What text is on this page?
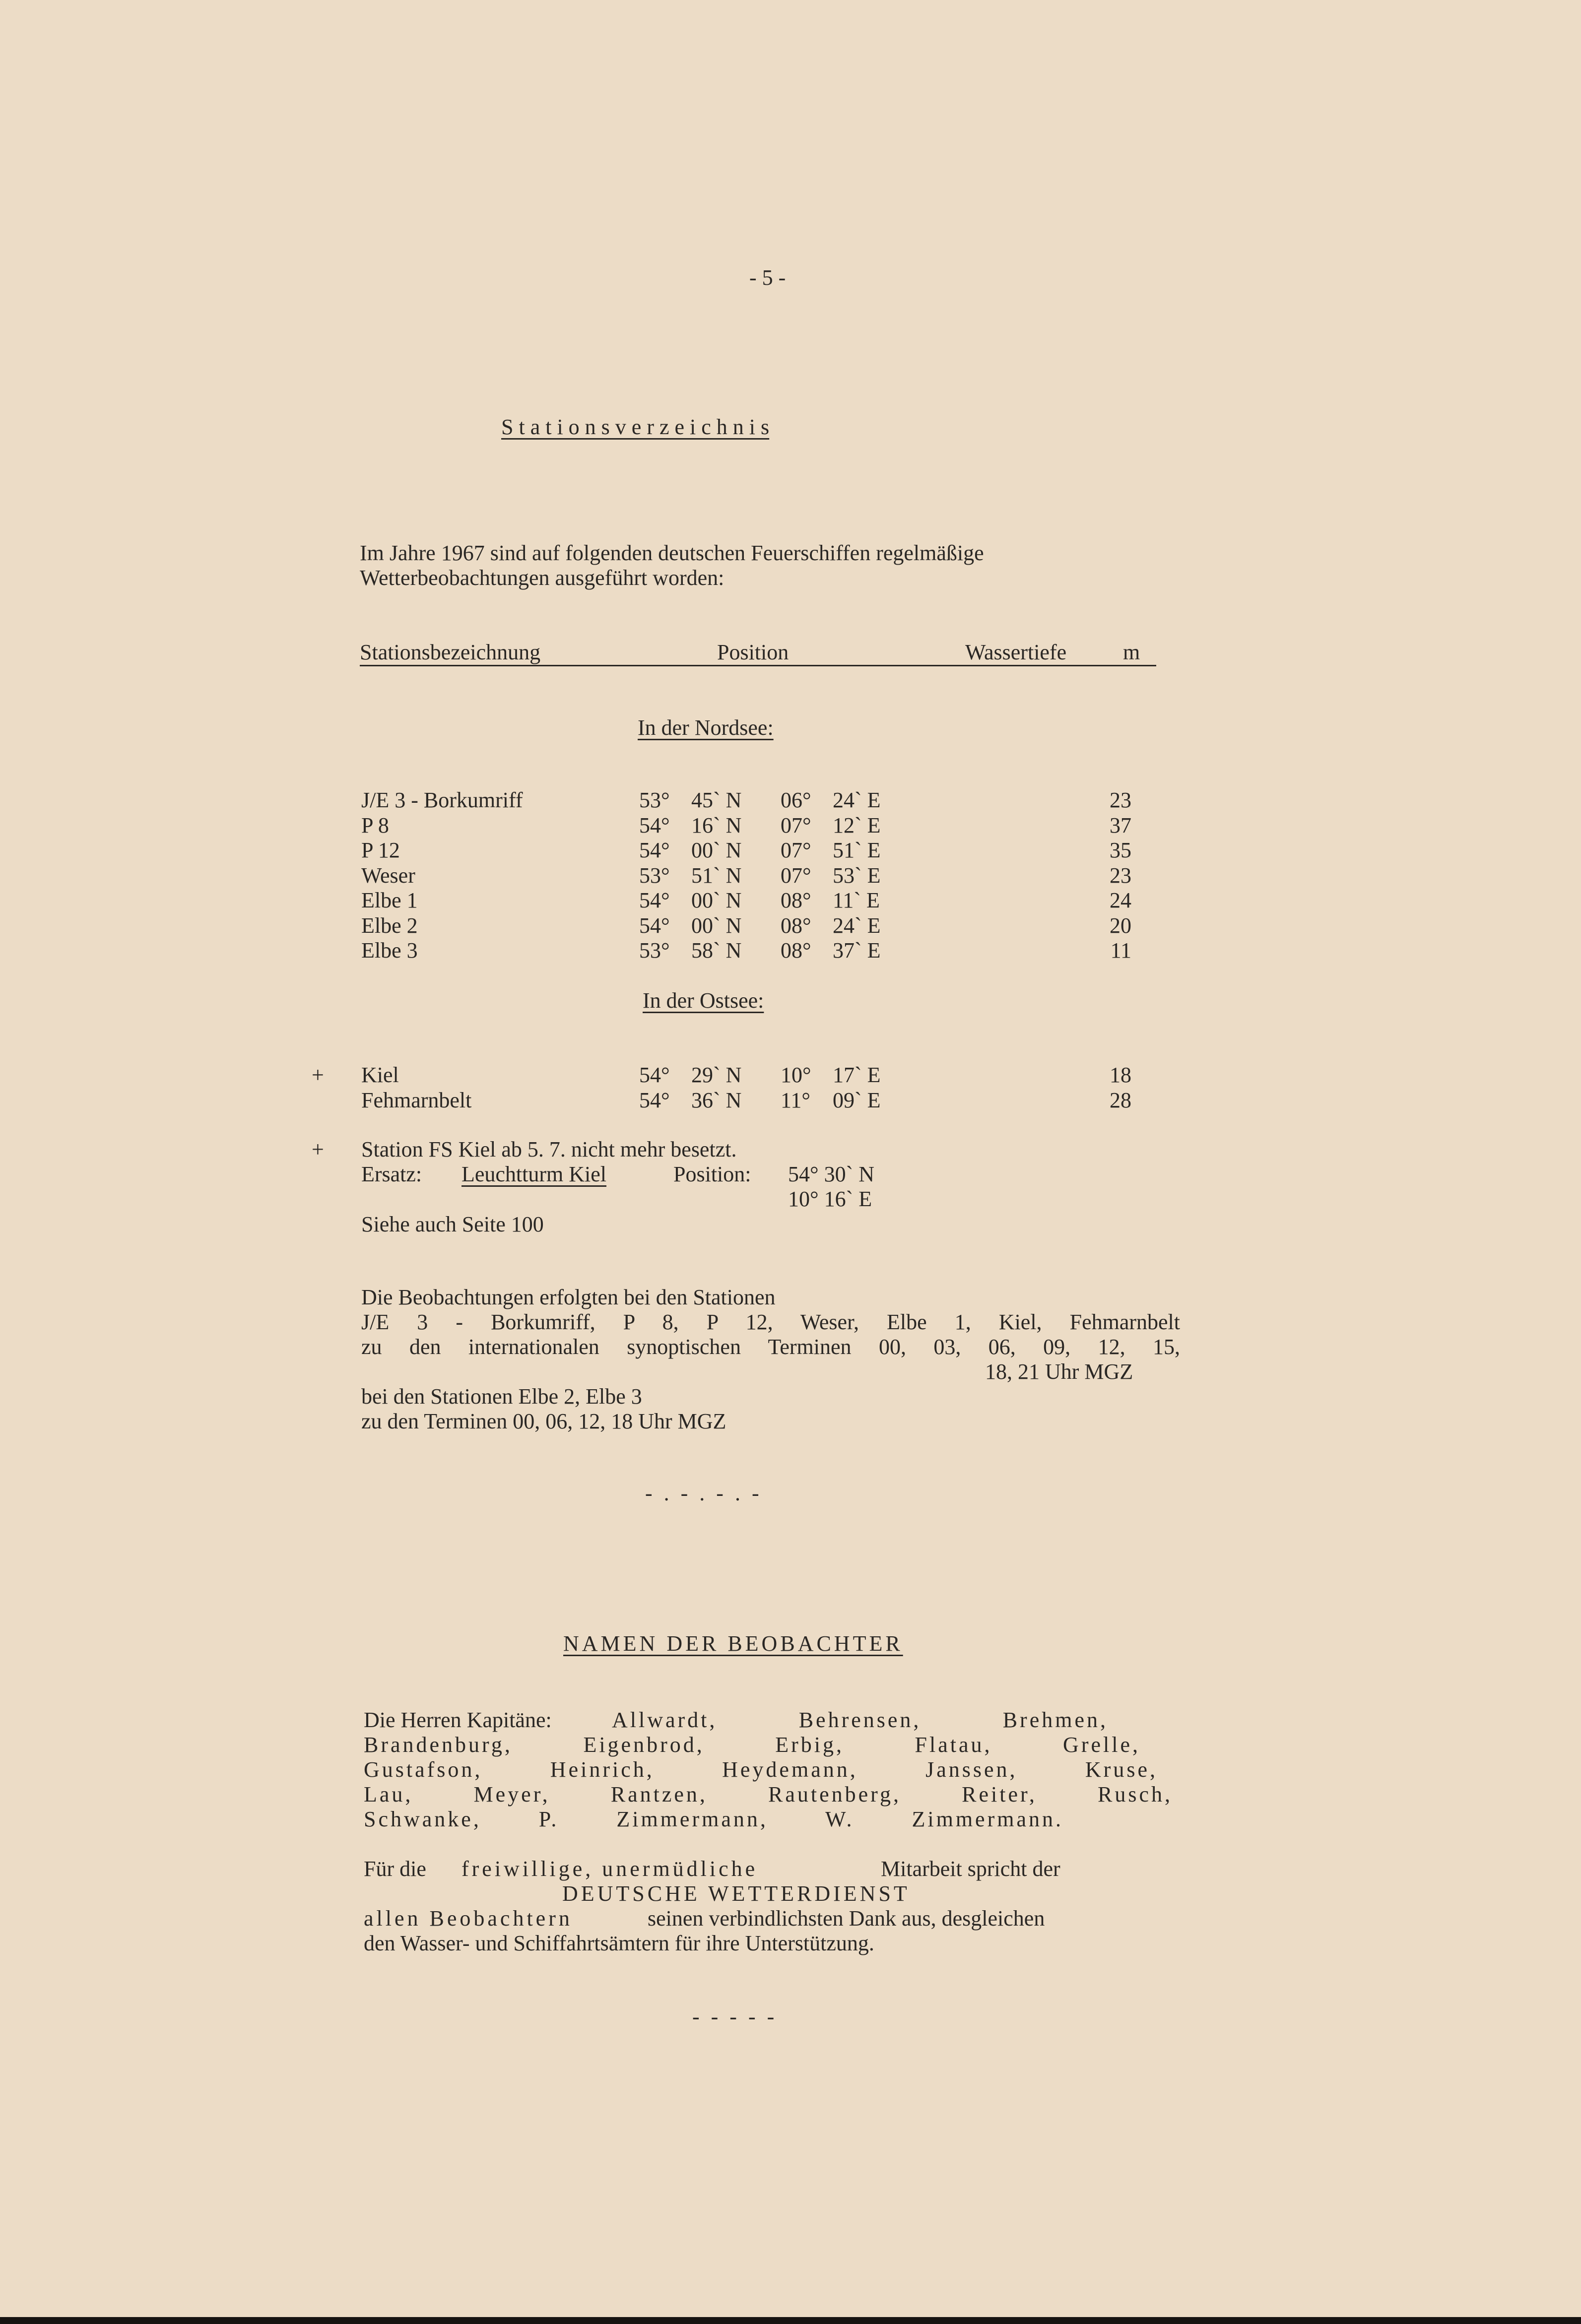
- 5 -
S t a t i o n s v e r z e i c h n i s
Im Jahre 1967 sind auf folgenden deutschen Feuerschiffen regelmäßige
Wetterbeobachtungen ausgeführt worden:
Stationsbezeichnung	Position	Wassertiefe	m
In der Nordsee:
J/E 3 - Borkumriff	53° 45` N 06° 24` E	23
P 8	54° 16` N 07° 12` E	37
P 12	54° 00` N 07° 51` E	35
Weser	53° 51` N 07° 53` E	23
Elbe 1	54° 00` N 08° 11` E	24
Elbe 2	54° 00` N 08° 24` E	20
Elbe 3	53° 58` N 08° 37` E	11
In der Ostsee:
+ Kiel	54° 29` N 10° 17` E	18
Fehmarnbelt	54° 36` N 11° 09` E	28
+ Station FS Kiel ab 5. 7. nicht mehr besetzt.
Ersatz: Leuchtturm Kiel	Position: 54° 30` N
10° 16` E
Siehe auch Seite 100
Die Beobachtungen erfolgten bei den Stationen
J/E 3 - Borkumriff, P 8, P 12, Weser, Elbe 1, Kiel, Fehmarnbelt
zu den internationalen synoptischen Terminen 00, 03, 06, 09, 12, 15,
18, 21 Uhr MGZ
bei den Stationen Elbe 2, Elbe 3
zu den Terminen 00, 06, 12, 18 Uhr MGZ
- . - . - . -
NAMEN DER BEOBACHTER
Die Herren Kapitäne:	Allwardt, Behrensen, Brehmen,
Brandenburg, Eigenbrod, Erbig, Flatau, Grelle,
Gustafson, Heinrich, Heydemann, Janssen, Kruse,
Lau, Meyer, Rantzen, Rautenberg, Reiter, Rusch,
Schwanke, P. Zimmermann, W. Zimmermann.
Für die freiwillige, unermüdliche	Mitarbeit spricht der
DEUTSCHE WETTERDIENST
allen Beobachtern	seinen verbindlichsten Dank aus, desgleichen
den Wasser- und Schiffahrtsämtern für ihre Unterstützung.
- - - - -
